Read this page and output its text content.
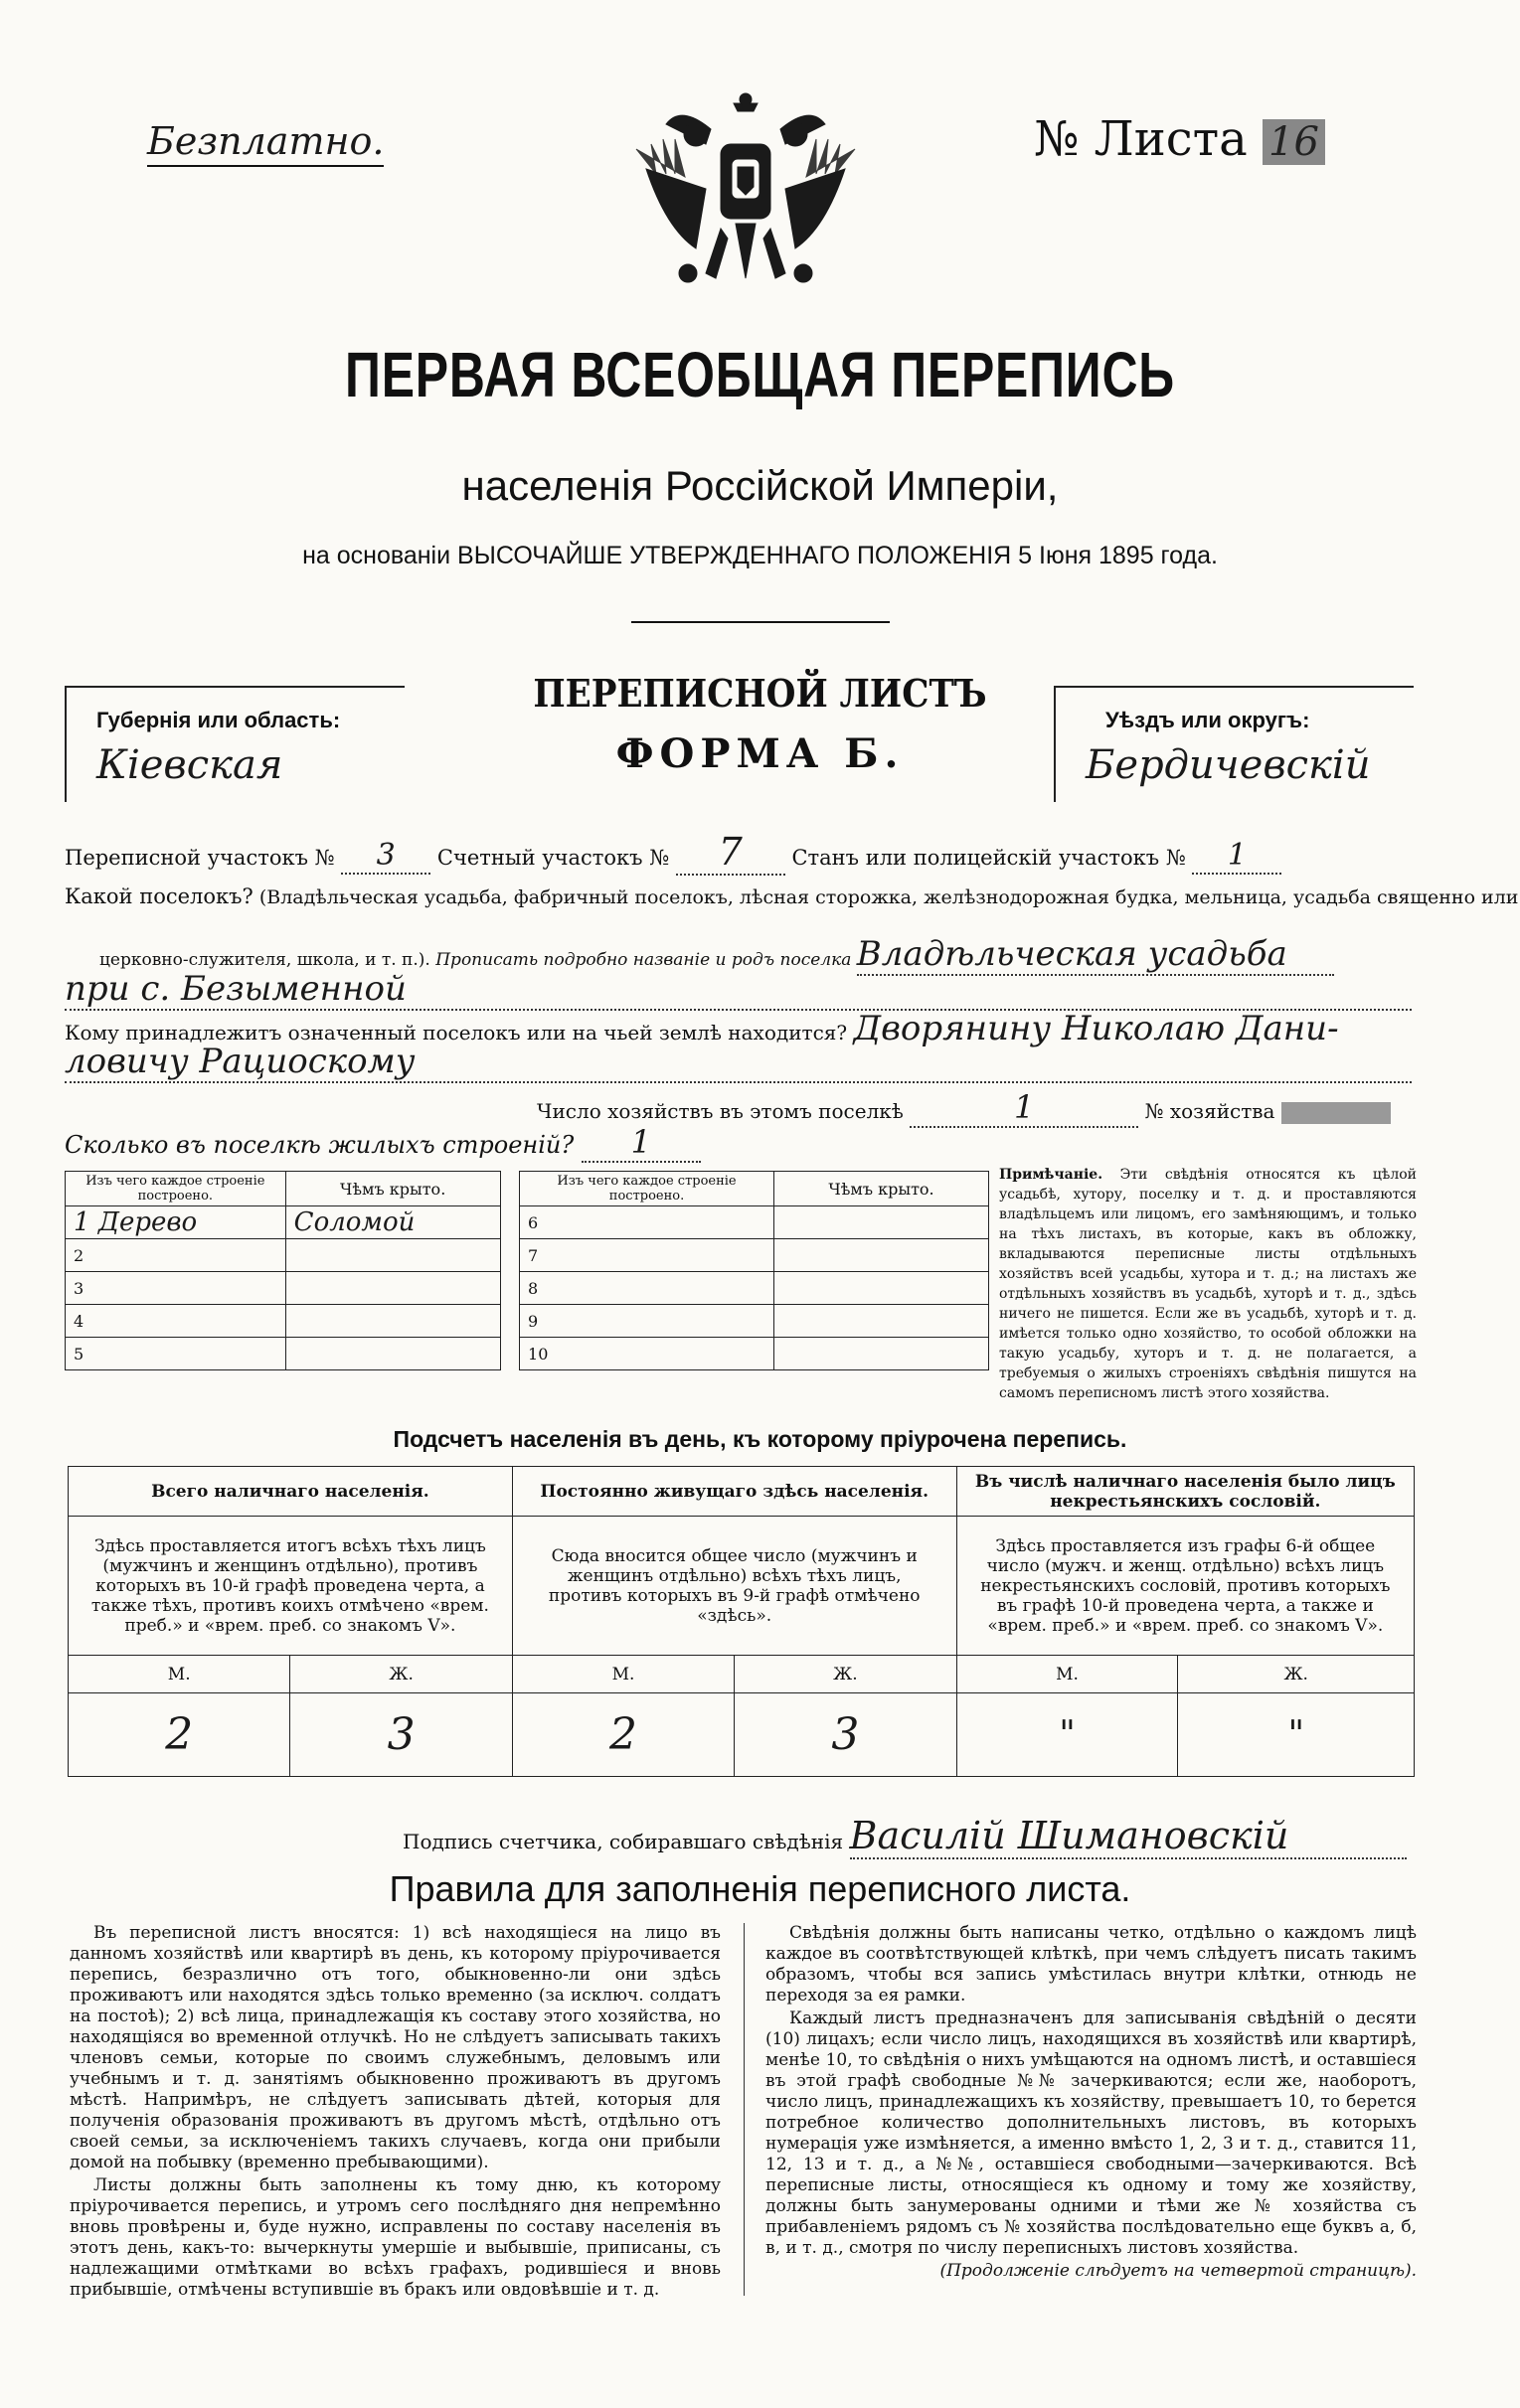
Безплатно.	№ Листа 16
ПЕРВАЯ ВСЕОБЩАЯ ПЕРЕПИСЬ
населенія Россійской Имперіи,
на основаніи ВЫСОЧАЙШЕ УТВЕРЖДЕННАГО ПОЛОЖЕНІЯ 5 Іюня 1895 года.
Губернія или область:
Кіевская
ПЕРЕПИСНОЙ ЛИСТЪ
ФОРМА Б.
Уѣздъ или округъ:
Бердичевскій
Переписной участокъ № 3 Счетный участокъ № 7 Станъ или полицейскій участокъ № 1
Какой поселокъ? (Владѣльческая усадьба, фабричный поселокъ, лѣсная сторожка, желѣзнодорожная будка, мельница, усадьба священно или
церковно-служителя, школа, и т. п.). Прописать подробно названіе и родъ поселка Владѣльческая усадьба
при с. Безыменной
Кому принадлежитъ означенный поселокъ или на чьей землѣ находится? Дворянину Николаю Дани-
ловичу Рациоскому
Число хозяйствъ въ этомъ поселкѣ	1	№ хозяйства
Сколько въ поселкѣ жилыхъ строеній? 1
Изъ чего каждое строеніе построено.	Чѣмъ крыто.		Изъ чего каждое строеніе построено.	Чѣмъ крыто.
1 Дерево	Соломой		6	
2			7	
3			8	
4			9	
5			10	
Примѣчаніе. Эти свѣдѣнія относятся къ цѣлой усадьбѣ, хутору, поселку и т. д. и проставляются владѣльцемъ или лицомъ, его замѣняющимъ, и только на тѣхъ листахъ, въ которые, какъ въ обложку, вкладываются переписные листы отдѣльныхъ хозяйствъ всей усадьбы, хутора и т. д.; на листахъ же отдѣльныхъ хозяйствъ въ усадьбѣ, хуторѣ и т. д., здѣсь ничего не пишется. Если же въ усадьбѣ, хуторѣ и т. д. имѣется только одно хозяйство, то особой обложки на такую усадьбу, хуторъ и т. д. не полагается, а требуемыя о жилыхъ строеніяхъ свѣдѣнія пишутся на самомъ переписномъ листѣ этого хозяйства.
Подсчетъ населенія въ день, къ которому пріурочена перепись.
Всего наличнаго населенія.		Постоянно живущаго здѣсь населенія.		Въ числѣ наличнаго населенія было лицъ некрестьянскихъ сословій.	
Здѣсь проставляется итогъ всѣхъ тѣхъ лицъ (мужчинъ и женщинъ отдѣльно), противъ которыхъ въ 10-й графѣ проведена черта, а также тѣхъ, противъ коихъ отмѣчено «врем. преб.» и «врем. преб. со знакомъ V».		Сюда вносится общее число (мужчинъ и женщинъ отдѣльно) всѣхъ тѣхъ лицъ, противъ которыхъ въ 9-й графѣ отмѣчено «здѣсь».		Здѣсь проставляется изъ графы 6-й общее число (мужч. и женщ. отдѣльно) всѣхъ лицъ некрестьянскихъ сословій, противъ которыхъ въ графѣ 10-й проведена черта, а также и «врем. преб.» и «врем. преб. со знакомъ V».	
М.	Ж.	М.	Ж.	М.	Ж.
2	3	2	3	"	"
Подпись счетчика, собиравшаго свѣдѣнія Василій Шимановскій
Правила для заполненія переписного листа.

Въ переписной листъ вносятся: 1) всѣ находящіеся на лицо въ данномъ хозяйствѣ или квартирѣ въ день, къ которому пріурочивается перепись, безразлично отъ того, обыкновенно-ли они здѣсь проживаютъ или находятся здѣсь только временно (за исключ. солдатъ на постоѣ); 2) всѣ лица, принадлежащія къ составу этого хозяйства, но находящіяся во временной отлучкѣ. Но не слѣдуетъ записывать такихъ членовъ семьи, которые по своимъ служебнымъ, деловымъ или учебнымъ и т. д. занятіямъ обыкновенно проживаютъ въ другомъ мѣстѣ. Напримѣръ, не слѣдуетъ записывать дѣтей, которыя для полученія образованія проживаютъ въ другомъ мѣстѣ, отдѣльно отъ своей семьи, за исключеніемъ такихъ случаевъ, когда они прибыли домой на побывку (временно пребывающими).

Листы должны быть заполнены къ тому дню, къ которому пріурочивается перепись, и утромъ сего послѣдняго дня непремѣнно вновь провѣрены и, буде нужно, исправлены по составу населенія въ этотъ день, какъ-то: вычеркнуты умершіе и выбывшіе, приписаны, съ надлежащими отмѣтками во всѣхъ графахъ, родившіеся и вновь прибывшіе, отмѣчены вступившіе въ бракъ или овдовѣвшіе и т. д.

Свѣдѣнія должны быть написаны четко, отдѣльно о каждомъ лицѣ каждое въ соотвѣтствующей клѣткѣ, при чемъ слѣдуетъ писать такимъ образомъ, чтобы вся запись умѣстилась внутри клѣтки, отнюдь не переходя за ея рамки.

Каждый листъ предназначенъ для записыванія свѣдѣній о десяти (10) лицахъ; если число лицъ, находящихся въ хозяйствѣ или квартирѣ, менѣе 10, то свѣдѣнія о нихъ умѣщаются на одномъ листѣ, и оставшіеся въ этой графѣ свободные №№ зачеркиваются; если же, наоборотъ, число лицъ, принадлежащихъ къ хозяйству, превышаетъ 10, то берется потребное количество дополнительныхъ листовъ, въ которыхъ нумерація уже измѣняется, а именно вмѣсто 1, 2, 3 и т. д., ставится 11, 12, 13 и т. д., а №№, оставшіеся свободными—зачеркиваются. Всѣ переписные листы, относящіеся къ одному и тому же хозяйству, должны быть занумерованы одними и тѣми же № хозяйства съ прибавленіемъ рядомъ съ № хозяйства послѣдовательно еще буквъ а, б, в, и т. д., смотря по числу переписныхъ листовъ хозяйства.

(Продолженіе слѣдуетъ на четвертой страницѣ).
